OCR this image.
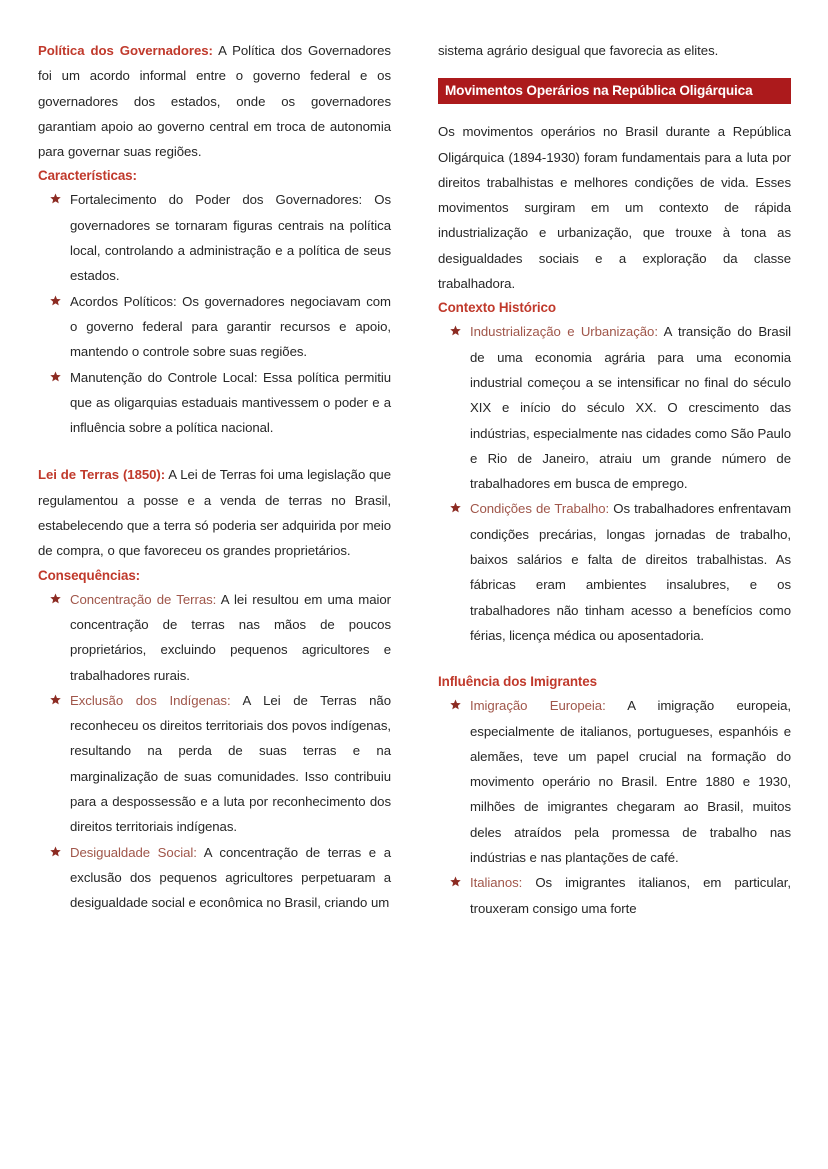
Política dos Governadores: A Política dos Governadores foi um acordo informal entre o governo federal e os governadores dos estados, onde os governadores garantiam apoio ao governo central em troca de autonomia para governar suas regiões.

Características:
Fortalecimento do Poder dos Governadores: Os governadores se tornaram figuras centrais na política local, controlando a administração e a política de seus estados.
Acordos Políticos: Os governadores negociavam com o governo federal para garantir recursos e apoio, mantendo o controle sobre suas regiões.
Manutenção do Controle Local: Essa política permitiu que as oligarquias estaduais mantivessem o poder e a influência sobre a política nacional.

Lei de Terras (1850): A Lei de Terras foi uma legislação que regulamentou a posse e a venda de terras no Brasil, estabelecendo que a terra só poderia ser adquirida por meio de compra, o que favoreceu os grandes proprietários.

Consequências:
Concentração de Terras: A lei resultou em uma maior concentração de terras nas mãos de poucos proprietários, excluindo pequenos agricultores e trabalhadores rurais.
Exclusão dos Indígenas: A Lei de Terras não reconheceu os direitos territoriais dos povos indígenas, resultando na perda de suas terras e na marginalização de suas comunidades. Isso contribuiu para a despossessão e a luta por reconhecimento dos direitos territoriais indígenas.
Desigualdade Social: A concentração de terras e a exclusão dos pequenos agricultores perpetuaram a desigualdade social e econômica no Brasil, criando um

sistema agrário desigual que favorecia as elites.

Movimentos Operários na República Oligárquica

Os movimentos operários no Brasil durante a República Oligárquica (1894-1930) foram fundamentais para a luta por direitos trabalhistas e melhores condições de vida. Esses movimentos surgiram em um contexto de rápida industrialização e urbanização, que trouxe à tona as desigualdades sociais e a exploração da classe trabalhadora.

Contexto Histórico
Industrialização e Urbanização: A transição do Brasil de uma economia agrária para uma economia industrial começou a se intensificar no final do século XIX e início do século XX. O crescimento das indústrias, especialmente nas cidades como São Paulo e Rio de Janeiro, atraiu um grande número de trabalhadores em busca de emprego.
Condições de Trabalho: Os trabalhadores enfrentavam condições precárias, longas jornadas de trabalho, baixos salários e falta de direitos trabalhistas. As fábricas eram ambientes insalubres, e os trabalhadores não tinham acesso a benefícios como férias, licença médica ou aposentadoria.
Influência dos Imigrantes
Imigração Europeia: A imigração europeia, especialmente de italianos, portugueses, espanhóis e alemães, teve um papel crucial na formação do movimento operário no Brasil. Entre 1880 e 1930, milhões de imigrantes chegaram ao Brasil, muitos deles atraídos pela promessa de trabalho nas indústrias e nas plantações de café.
Italianos: Os imigrantes italianos, em particular, trouxeram consigo uma forte
